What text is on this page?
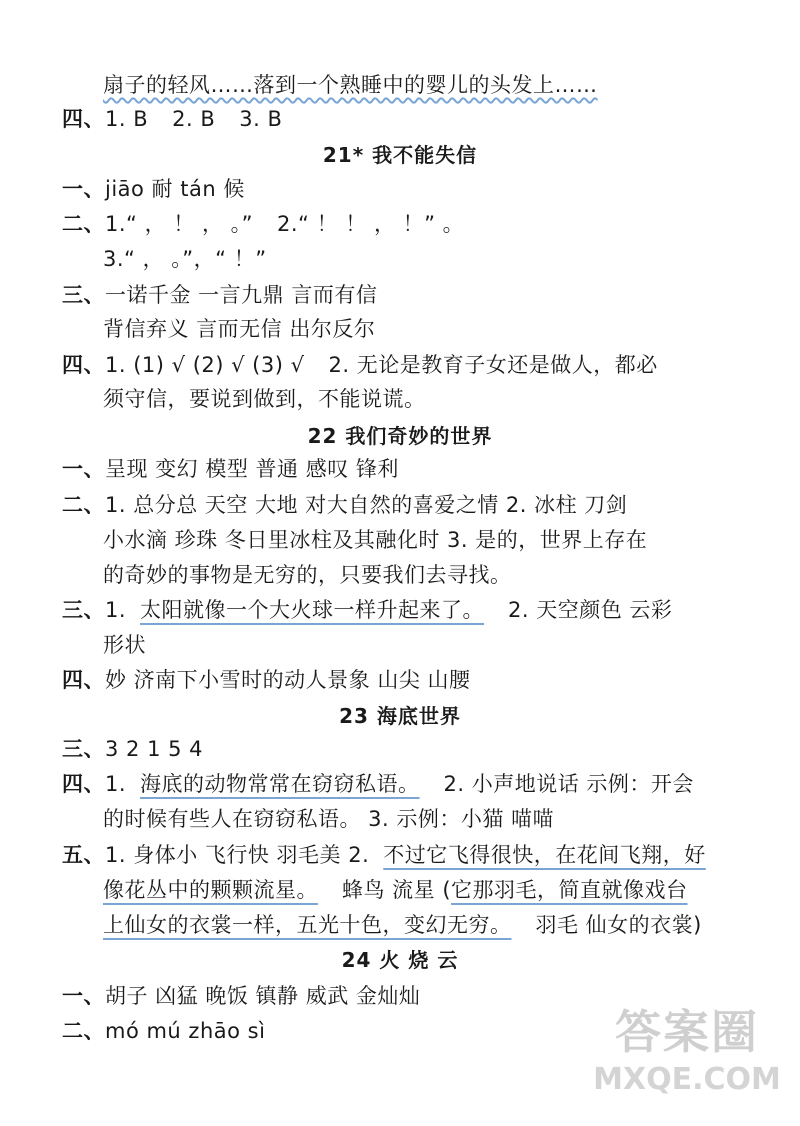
扇子的轻风……落到一个熟睡中的婴儿的头发上……
四、1. B 2. B 3. B
21* 我不能失信
一、jiāo 耐 tán 候
二、1.“ ， ！ ， 。” 2.“ ！ ！ ， ！” 。
3.“ ， 。”，“ ！”
三、一诺千金 一言九鼎 言而有信
背信弃义 言而无信 出尔反尔
四、1. (1) √ (2) √ (3) √ 2. 无论是教育子女还是做人，都必
须守信，要说到做到，不能说谎。
22 我们奇妙的世界
一、呈现 变幻 模型 普通 感叹 锋利
二、1. 总分总 天空 大地 对大自然的喜爱之情 2. 冰柱 刀剑
小水滴 珍珠 冬日里冰柱及其融化时 3. 是的，世界上存在
的奇妙的事物是无穷的，只要我们去寻找。
三、1. 太阳就像一个大火球一样升起来了。 2. 天空颜色 云彩
形状
四、妙 济南下小雪时的动人景象 山尖 山腰
23 海底世界
三、3 2 1 5 4
四、1. 海底的动物常常在窃窃私语。 2. 小声地说话 示例：开会
的时候有些人在窃窃私语。 3. 示例：小猫 喵喵
五、1. 身体小 飞行快 羽毛美 2. 不过它飞得很快，在花间飞翔，好
像花丛中的颗颗流星。 蜂鸟 流星 (它那羽毛，简直就像戏台
上仙女的衣裳一样，五光十色，变幻无穷。 羽毛 仙女的衣裳)
24 火 烧 云
一、胡子 凶猛 晚饭 镇静 威武 金灿灿
二、mó mú zhāo sì	答案圈
MXQE.COM
